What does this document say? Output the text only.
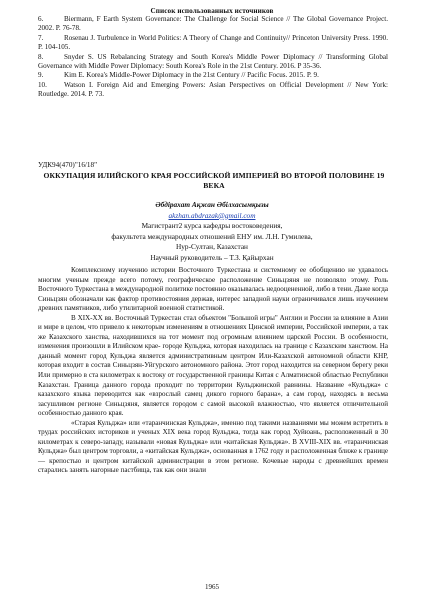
Список использованных источников

6.	Biermann, F Earth System Governance: The Challenge for Social Science // The Global Governance Project. 2002. P. 76-78.

7.	Rosenau J. Turbulence in World Politics: A Theory of Change and Continuity// Princeton University Press. 1990. P. 104-105.

8.	Snyder S. US Rebalancing Strategy and South Korea's Middle Power Diplomacy // Transforming Global Governance with Middle Power Diplomacy: South Korea's Role in the 21st Century. 2016. P 35-36.

9.	Kim E. Korea's Middle-Power Diplomacy in the 21st Century // Pacific Focus. 2015. P. 9.

10. Watson I. Foreign Aid and Emerging Powers: Asian Perspectives on Official Development // New York: Routledge. 2014. P. 73.

УДК94(470)"16/18"
ОККУПАЦИЯ ИЛИЙСКОГО КРАЯ РОССИЙСКОЙ ИМПЕРИЕЙ ВО ВТОРОЙ ПОЛОВИНЕ 19 ВЕКА
Әбдірахат Ақжан Әбілхасымқызы
akzhan.abdrazak@gmail.com
Магистрант2 курса кафедры востоковедения,
факультета международных отношений ЕНУ им. Л.Н. Гумилева,
Нур-Султан, Казахстан
Научный руководитель – Т.З. Қайырхан

Комплексному изучению истории Восточного Туркестана и системному ее обобщению не удавалось многим ученым прежде всего потому, географическое расположение Синьцзяня не позволяло этому. Роль Восточного Туркестана в международной политике постоянно оказывалась недооцененной, либо в тени. Даже когда Синьцзян обозначали как фактор противостояния держав, интерес западной науки ограничивался лишь изучением древних памятников, либо утилитарной военной статистикой.

В XIX-XX вв. Восточный Туркестан стал объектом "Большой игры" Англии и России за влияние в Азии и мире в целом, что привело к некоторым изменениям в отношениях Цинской империи, Российской империи, а так же Казахского ханства, находившихся на тот момент под огромным влиянием царской России. В особенности, изменения произошли в Илийском крае- городе Кульджа, которая находилась на границе с Казахским ханством. На данный момент город Кульджа является административным центром Или-Казахской автономной области КНР, которая входит в состав Синьцзян-Уйгурского автономного района. Этот город находится на северном берегу реки Или примерно в ста километрах к востоку от государственной границы Китая с Алматинской областью Республики Казахстан. Граница данного города проходит по территории Кульджинской равнины. Название «Кульджа» с казахского языка переводится как «взрослый самец дикого горного барана», а сам город, находясь в весьма засушливом регионе Синьцзяня, является городом с самой высокой влажностью, что является отличительной особенностью данного края.

«Старая Кульджа» или «таранчинская Кульджа», именно под такими названиями мы можем встретить в трудах российских историков и ученых XIX века город Кульджа, тогда как город Хуйюань, расположенный в 30 километрах к северо-западу, называли «новая Кульджа» или «китайская Кульджа». В XVIII-XIX вв. «таранчинская Кульджа» был центром торговли, а «китайская Кульджа», основанная в 1762 году и расположенная ближе к границе — крепостью и центром китайской администрации в этом регионе. Кочевые народы с древнейших времен старались занять нагорные пастбища, так как они знали

1965
